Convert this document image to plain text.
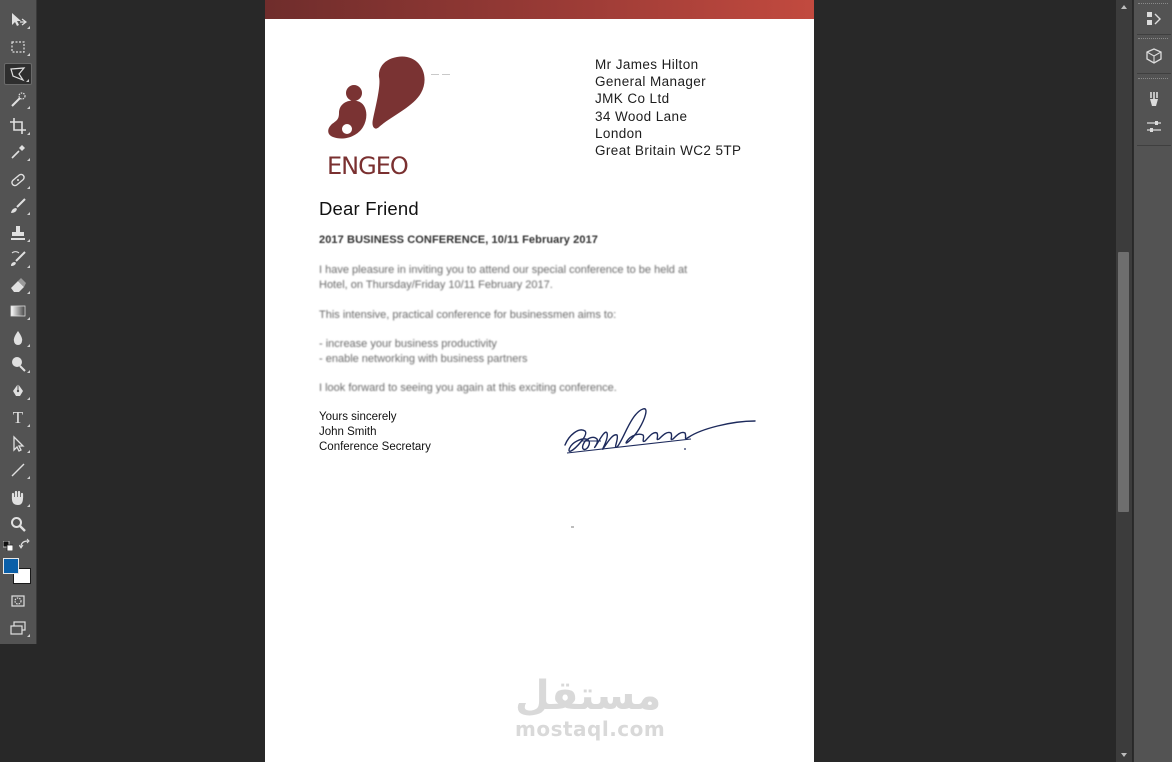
T
ENGEO
Mr James Hilton
General Manager
JMK Co Ltd
34 Wood Lane
London
Great Britain WC2 5TP
Dear Friend
2017 BUSINESS CONFERENCE, 10/11 February 2017
I have pleasure in inviting you to attend our special conference to be held at
Hotel, on Thursday/Friday 10/11 February 2017.
This intensive, practical conference for businessmen aims to:
- increase your business productivity
- enable networking with business partners
I look forward to seeing you again at this exciting conference.
Yours sincerely
John Smith
Conference Secretary
مستقل
mostaql.com
